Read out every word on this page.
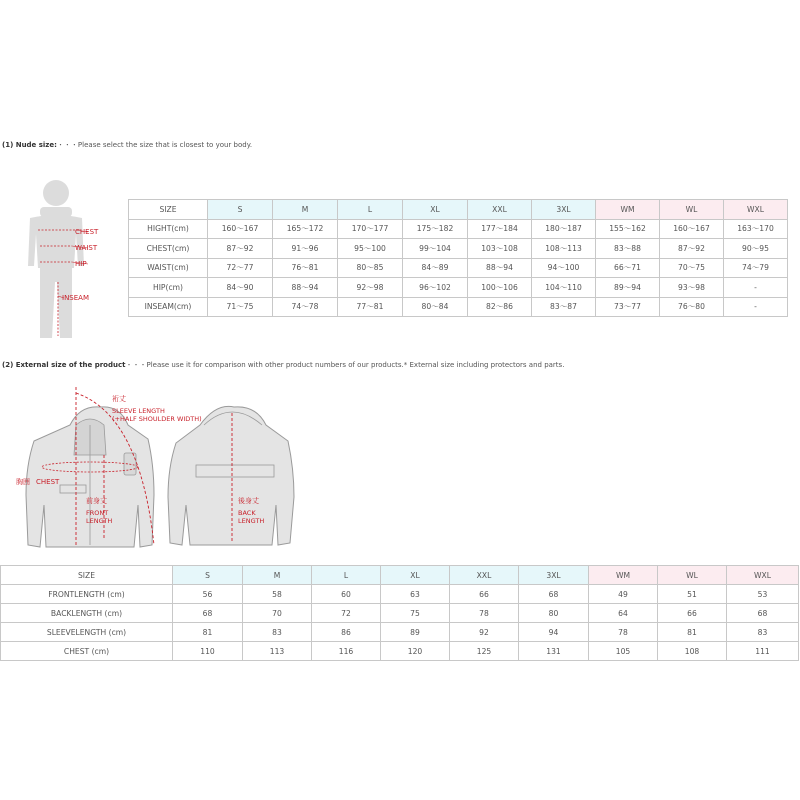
(1) Nude size:・・・Please select the size that is closest to your body.
CHEST
WAIST
HIP
INSEAM
SIZE	S	M	L	XL	XXL	3XL	WM	WL	WXL
HIGHT(cm)	160～167	165～172	170～177	175～182	177～184	180～187	155～162	160～167	163～170
CHEST(cm)	87～92	91～96	95～100	99～104	103～108	108～113	83～88	87～92	90～95
WAIST(cm)	72～77	76～81	80～85	84～89	88～94	94～100	66～71	70～75	74～79
HIP(cm)	84～90	88～94	92～98	96～102	100～106	104～110	89～94	93～98	-
INSEAM(cm)	71～75	74～78	77～81	80～84	82～86	83～87	73～77	76～80	-
(2) External size of the product・・・Please use it for comparison with other product numbers of our products.* External size including protectors and parts.
裄丈
SLEEVE LENGTH
(+HALF SHOULDER WIDTH)
胸囲 CHEST
前身丈
FRONT
LENGTH
後身丈
BACK
LENGTH
SIZE	S	M	L	XL	XXL	3XL	WM	WL	WXL
FRONTLENGTH (cm)	56	58	60	63	66	68	49	51	53
BACKLENGTH (cm)	68	70	72	75	78	80	64	66	68
SLEEVELENGTH (cm)	81	83	86	89	92	94	78	81	83
CHEST (cm)	110	113	116	120	125	131	105	108	111
